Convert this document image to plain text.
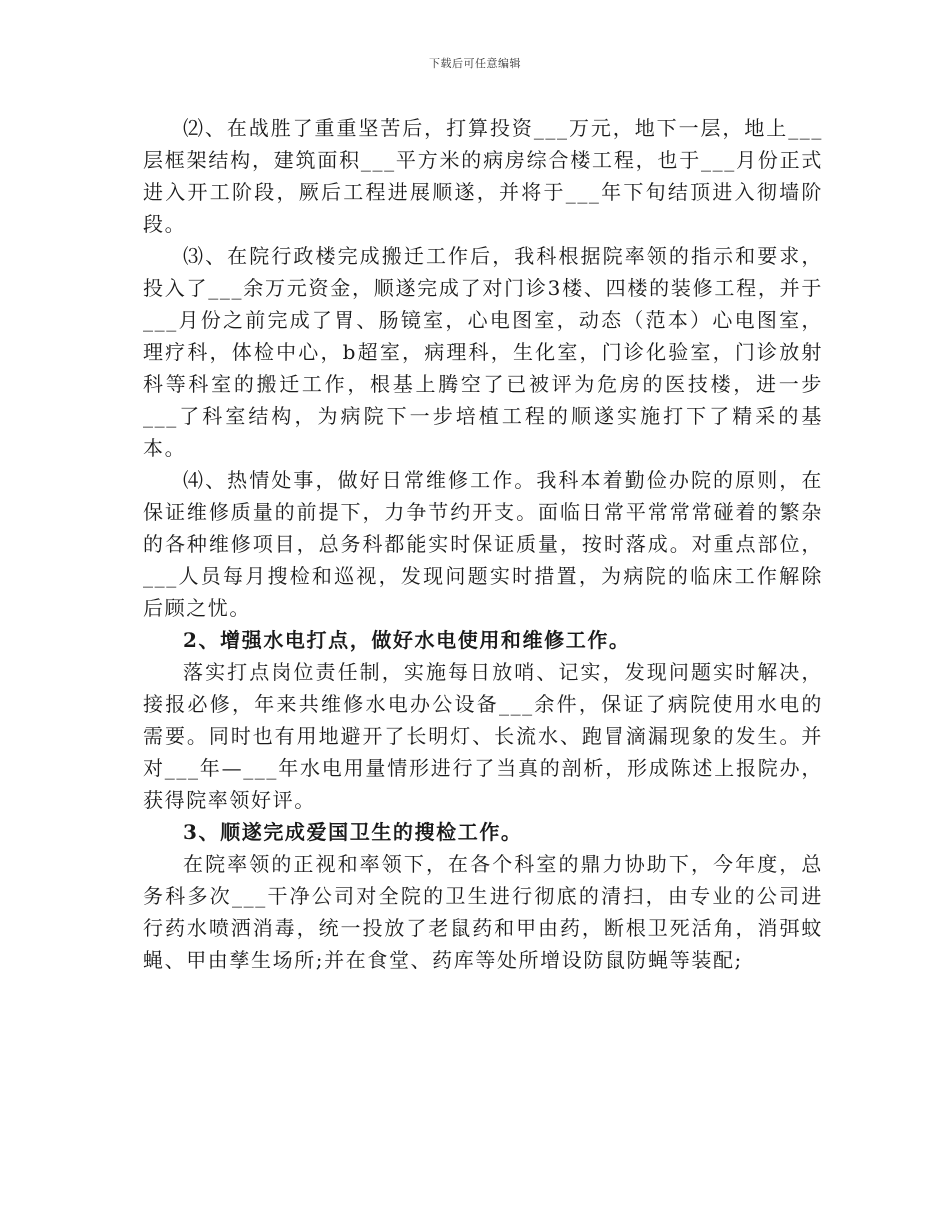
下载后可任意编辑

⑵、在战胜了重重坚苦后，打算投资___万元，地下一层，地上___层框架结构，建筑面积___平方米的病房综合楼工程，也于___月份正式进入开工阶段，厥后工程进展顺遂，并将于___年下旬结顶进入彻墙阶段。

⑶、在院行政楼完成搬迁工作后，我科根据院率领的指示和要求，投入了___余万元资金，顺遂完成了对门诊3楼、四楼的装修工程，并于___月份之前完成了胃、肠镜室，心电图室，动态（范本）心电图室，理疗科，体检中心，b超室，病理科，生化室，门诊化验室，门诊放射科等科室的搬迁工作，根基上腾空了已被评为危房的医技楼，进一步___了科室结构，为病院下一步培植工程的顺遂实施打下了精采的基本。

⑷、热情处事，做好日常维修工作。我科本着勤俭办院的原则，在保证维修质量的前提下，力争节约开支。面临日常平常常常碰着的繁杂的各种维修项目，总务科都能实时保证质量，按时落成。对重点部位，___人员每月搜检和巡视，发现问题实时措置，为病院的临床工作解除后顾之忧。

2、增强水电打点，做好水电使用和维修工作。

落实打点岗位责任制，实施每日放哨、记实，发现问题实时解决，接报必修，年来共维修水电办公设备___余件，保证了病院使用水电的需要。同时也有用地避开了长明灯、长流水、跑冒滴漏现象的发生。并对___年—___年水电用量情形进行了当真的剖析，形成陈述上报院办，获得院率领好评。

3、顺遂完成爱国卫生的搜检工作。

在院率领的正视和率领下，在各个科室的鼎力协助下，今年度，总务科多次___干净公司对全院的卫生进行彻底的清扫，由专业的公司进行药水喷洒消毒，统一投放了老鼠药和甲由药，断根卫死活角，消弭蚊蝇、甲由孳生场所;并在食堂、药库等处所增设防鼠防蝇等装配;
